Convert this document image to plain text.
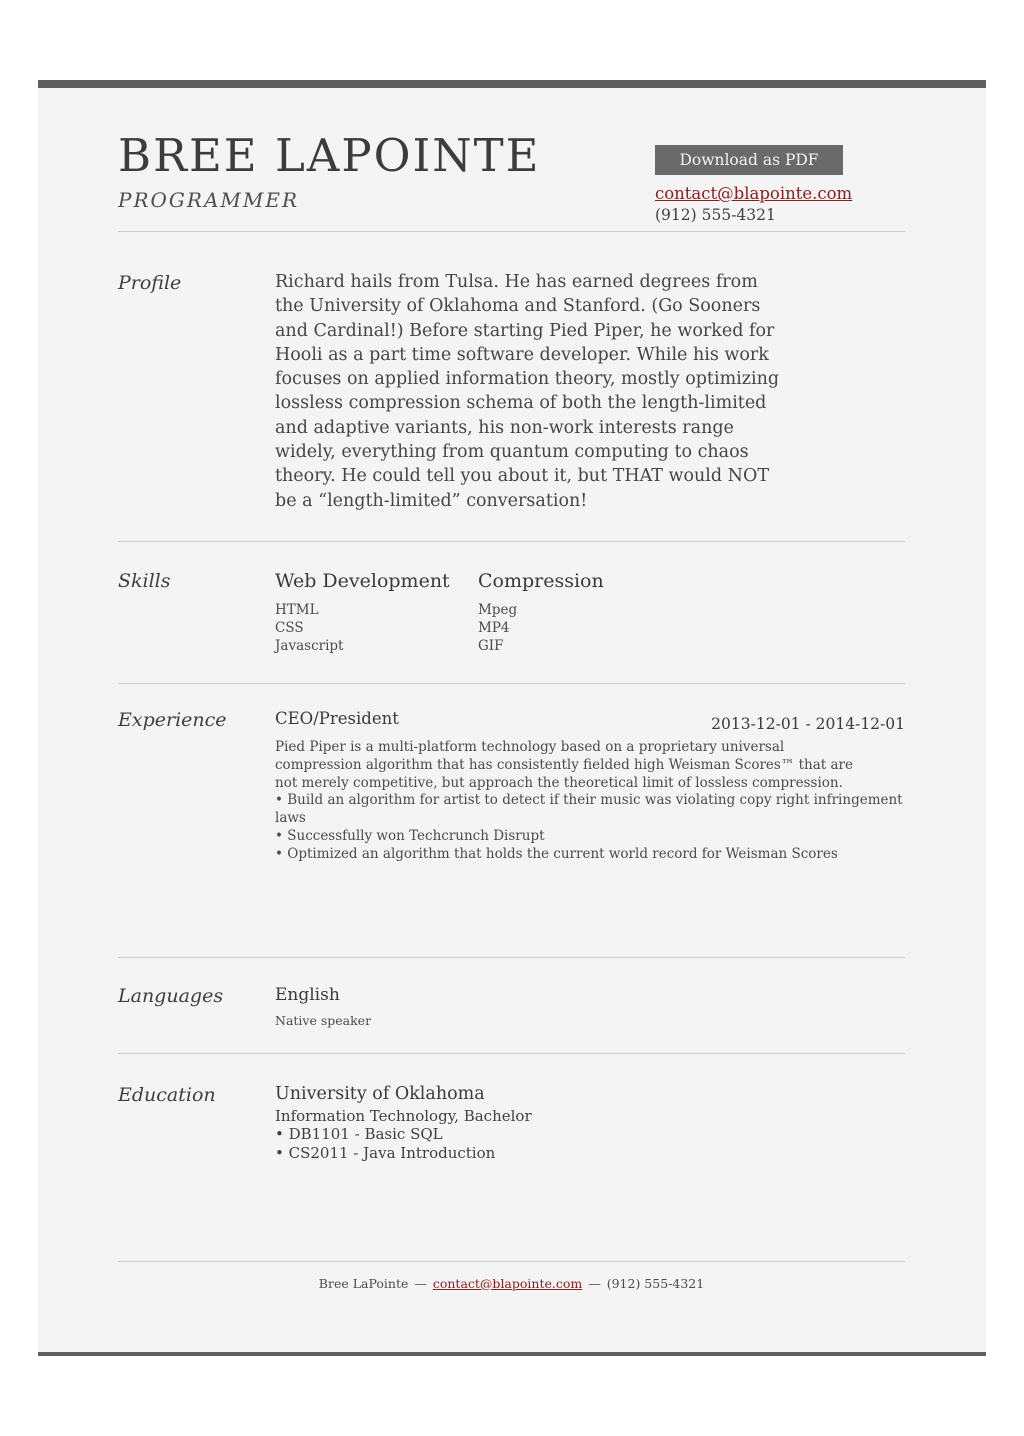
BREE LAPOINTE
PROGRAMMER
Download as PDF
contact@blapointe.com
(912) 555-4321
Profile	Richard hails from Tulsa. He has earned degrees from the University of Oklahoma and Stanford. (Go Sooners and Cardinal!) Before starting Pied Piper, he worked for Hooli as a part time software developer. While his work focuses on applied information theory, mostly optimizing lossless compression schema of both the length-limited and adaptive variants, his non-work interests range widely, everything from quantum computing to chaos theory. He could tell you about it, but THAT would NOT be a “length-limited” conversation!

Skills	Web Development
HTML
CSS
Javascript
Compression
Mpeg
MP4
GIF
Experience	CEO/President	2013-12-01 - 2014-12-01
Pied Piper is a multi-platform technology based on a proprietary universal compression algorithm that has consistently fielded high Weisman Scores™ that are not merely competitive, but approach the theoretical limit of lossless compression.
• Build an algorithm for artist to detect if their music was violating copy right infringement laws
• Successfully won Techcrunch Disrupt
• Optimized an algorithm that holds the current world record for Weisman Scores
Languages	English
Native speaker
Education	University of Oklahoma
Information Technology, Bachelor
• DB1101 - Basic SQL
• CS2011 - Java Introduction
Bree LaPointe — contact@blapointe.com — (912) 555-4321
